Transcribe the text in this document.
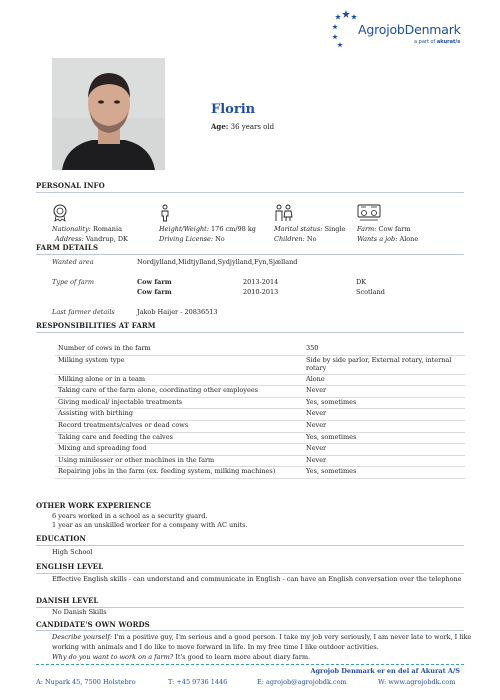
AgrojobDenmark
a part of akurat/s
Florin
Age: 36 years old
PERSONAL INFO
Nationality: Romania
Address: Vandrup, DK
Height/Weight: 176 cm/98 kg
Driving License: No
Marital status: Single
Children: No
Farm: Cow farm
Wants a job: Alone
FARM DETAILS
Wanted area	Nordjylland,Midtjylland,Sydjylland,Fyn,Sjælland
Type of farm	Cow farm	2013-2014	DK
Cow farm	2010-2013	Scotland
Last farmer details	Jakob Haijer - 20836513
RESPONSIBILITIES AT FARM
Number of cows in the farm	350
Milking system type	Side by side parlor, External rotary, internal rotary
Milking alone or in a team	Alone
Taking care of the farm alone, coordinating other employees	Never
Giving medical/ injectable treatments	Yes, sometimes
Assisting with birthing	Never
Record treatments/calves or dead cows	Never
Taking care and feeding the calves	Yes, sometimes
Mixing and spreading food	Never
Using minilesser or other machines in the farm	Never
Repairing jobs in the farm (ex. feeding system, milking machines)	Yes, sometimes
OTHER WORK EXPERIENCE
6 years worked in a school as a security guard.
1 year as an unskilled worker for a company with AC units.
EDUCATION
High School
ENGLISH LEVEL
Effective English skills - can understand and communicate in English - can have an English conversation over the telephone
DANISH LEVEL
No Danish Skills
CANDIDATE'S OWN WORDS
Describe yourself: I'm a positive guy, I'm serious and a good person. I take my job very seriously, I am never late to work, I like working with animals and I do like to move forward in life. In my free time I like outdoor activities.
Why do you want to work on a farm? It's good to learn more about diary farm.
Agrojob Denmark er en del af Akurat A/S
A: Nupark 45, 7500 Holstebro	T: +45 9736 1446	E: agrojob@agrojobdk.com	W: www.agrojobdk.com
